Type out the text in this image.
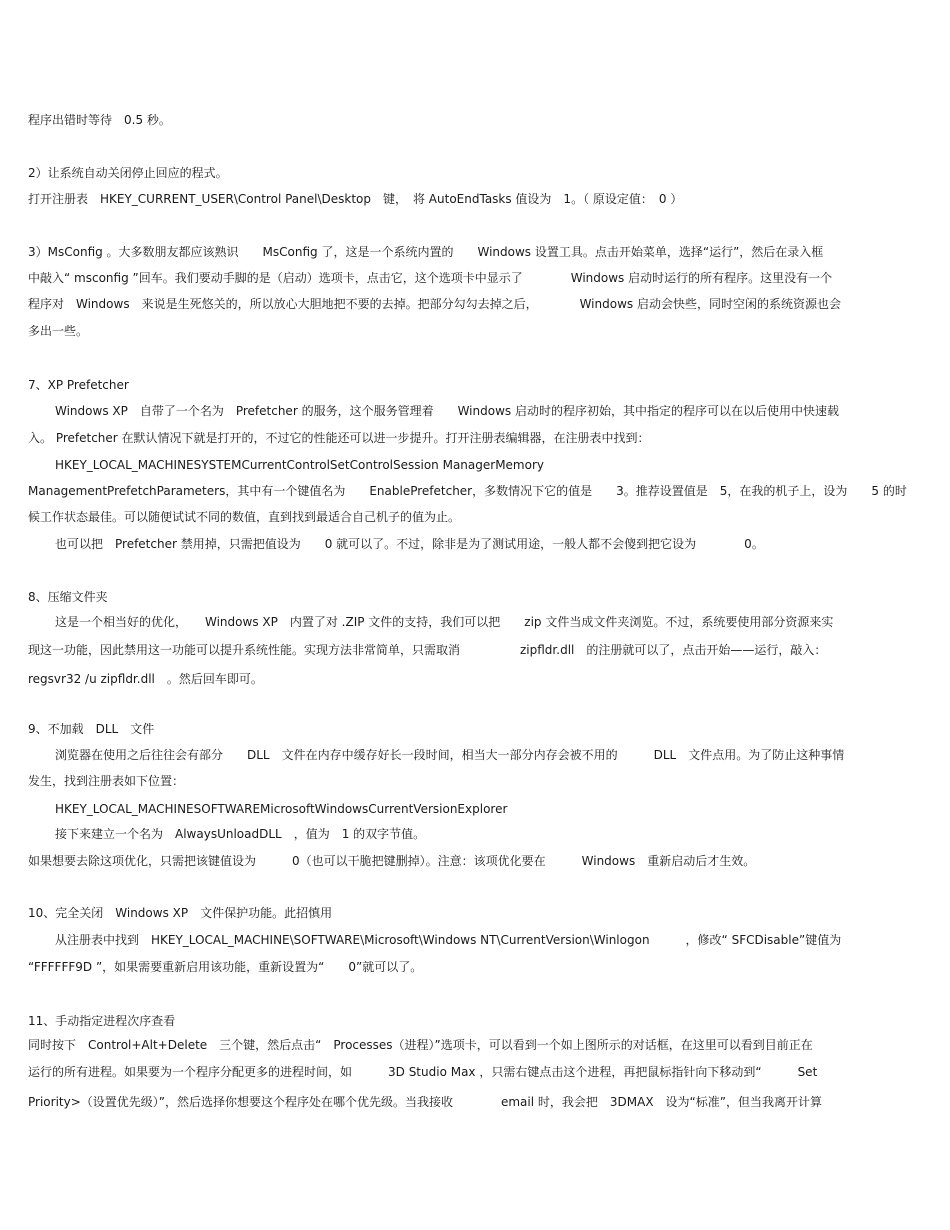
程序出错时等待　0.5 秒。
2）让系统自动关闭停止回应的程式。
打开注册表　HKEY_CURRENT_USER\Control Panel\Desktop　键，　将 AutoEndTasks 值设为　1。（ 原设定值：　0 ）
3）MsConfig 。大多数朋友都应该熟识　　MsConfig 了，这是一个系统内置的　　Windows 设置工具。点击开始菜单，选择“运行”，然后在录入框
中敲入“ msconfig ”回车。我们要动手脚的是（启动）选项卡，点击它，这个选项卡中显示了　　　　Windows 启动时运行的所有程序。这里没有一个
程序对　Windows　来说是生死悠关的，所以放心大胆地把不要的去掉。把部分勾勾去掉之后，　　　　Windows 启动会快些，同时空闲的系统资源也会
多出一些。
7、XP Prefetcher
Windows XP　自带了一个名为　Prefetcher 的服务，这个服务管理着　　Windows 启动时的程序初始，其中指定的程序可以在以后使用中快速载
入。 Prefetcher 在默认情况下就是打开的，不过它的性能还可以进一步提升。打开注册表编辑器，在注册表中找到：
HKEY_LOCAL_MACHINESYSTEMCurrentControlSetControlSession ManagerMemory
ManagementPrefetchParameters，其中有一个键值名为　　EnablePrefetcher，多数情况下它的值是　　3。推荐设置值是　5，在我的机子上，设为　　5 的时
候工作状态最佳。可以随便试试不同的数值，直到找到最适合自己机子的值为止。
也可以把　Prefetcher 禁用掉，只需把值设为　　0 就可以了。不过，除非是为了测试用途，一般人都不会傻到把它设为　　　　0。
8、压缩文件夹
这是一个相当好的优化，　　Windows XP　内置了对 .ZIP 文件的支持，我们可以把　　zip 文件当成文件夹浏览。不过，系统要使用部分资源来实
现这一功能，因此禁用这一功能可以提升系统性能。实现方法非常简单，只需取消　　　　　zipfldr.dll　的注册就可以了，点击开始——运行，敲入：
regsvr32 /u zipfldr.dll　。然后回车即可。
9、不加载　DLL　文件
浏览器在使用之后往往会有部分　　DLL　文件在内存中缓存好长一段时间，相当大一部分内存会被不用的　　　DLL　文件点用。为了防止这种事情
发生，找到注册表如下位置：
HKEY_LOCAL_MACHINESOFTWAREMicrosoftWindowsCurrentVersionExplorer
接下来建立一个名为　AlwaysUnloadDLL　，值为　1 的双字节值。
如果想要去除这项优化，只需把该键值设为　　　0（也可以干脆把键删掉）。注意：该项优化要在　　　Windows　重新启动后才生效。
10、完全关闭　Windows XP　文件保护功能。此招慎用
从注册表中找到　HKEY_LOCAL_MACHINE\SOFTWARE\Microsoft\Windows NT\CurrentVersion\Winlogon　　　，修改“ SFCDisable”键值为
“FFFFFF9D ”，如果需要重新启用该功能，重新设置为“　　0”就可以了。
11、手动指定进程次序查看
同时按下　Control+Alt+Delete　三个键，然后点击“　Processes（进程）”选项卡，可以看到一个如上图所示的对话框，在这里可以看到目前正在
运行的所有进程。如果要为一个程序分配更多的进程时间，如　　　3D Studio Max ，只需右键点击这个进程，再把鼠标指针向下移动到“　　　Set
Priority>（设置优先级）”，然后选择你想要这个程序处在哪个优先级。当我接收　　　　email 时，我会把　3DMAX　设为“标准”，但当我离开计算
